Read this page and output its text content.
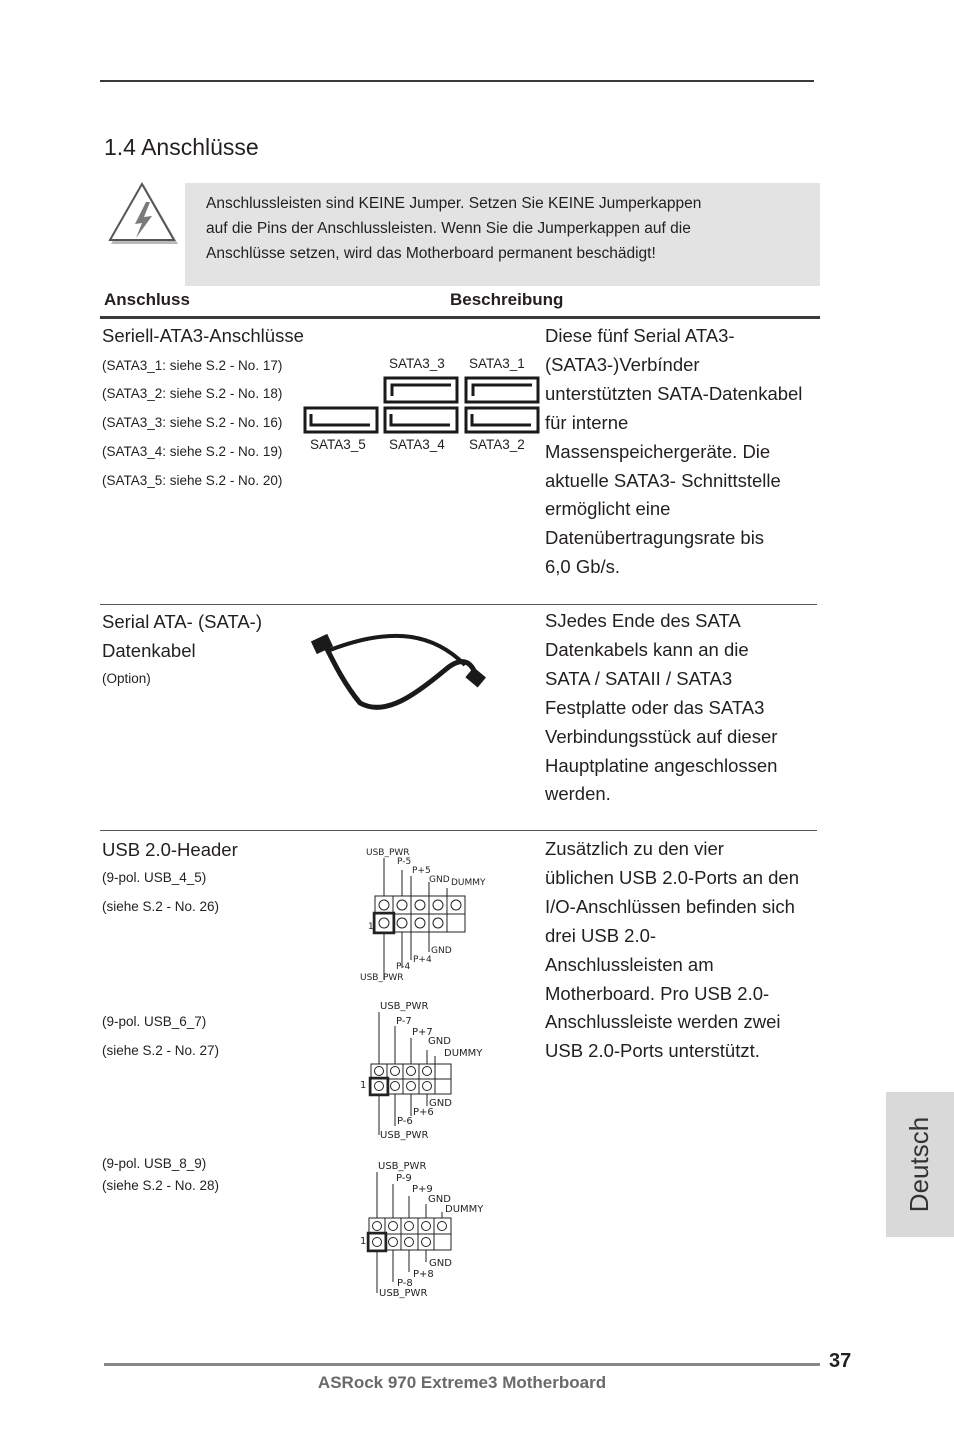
1.4 Anschlüsse
Anschlussleisten sind KEINE Jumper. Setzen Sie KEINE Jumperkappen
auf die Pins der Anschlussleisten. Wenn Sie die Jumperkappen auf die
Anschlüsse setzen, wird das Motherboard permanent beschädigt!
Anschluss	Beschreibung
Seriell-ATA3-Anschlüsse
(SATA3_1: siehe S.2 - No. 17)
(SATA3_2: siehe S.2 - No. 18)
(SATA3_3: siehe S.2 - No. 16)
(SATA3_4: siehe S.2 - No. 19)
(SATA3_5: siehe S.2 - No. 20)
SATA3_3 SATA3_1
SATA3_5 SATA3_4 SATA3_2
Diese fünf Serial ATA3-
(SATA3-)Verbínder
unterstützten SATA-Datenkabel
für interne
Massenspeichergeräte. Die
aktuelle SATA3- Schnittstelle
ermöglicht eine
Datenübertragungsrate bis
6,0 Gb/s.
Serial ATA- (SATA-)
Datenkabel
(Option)
SJedes Ende des SATA
Datenkabels kann an die
SATA / SATAII / SATA3
Festplatte oder das SATA3
Verbindungsstück auf dieser
Hauptplatine angeschlossen
werden.
USB 2.0-Header
(9-pol. USB_4_5)
(siehe S.2 - No. 26)
(9-pol. USB_6_7)
(siehe S.2 - No. 27)
(9-pol. USB_8_9)
(siehe S.2 - No. 28)
USB_PWR
P-5
P+5
GND DUMMY
1
GND
P+4
P-4
USB_PWR
USB_PWR
P-7
P+7
GND
DUMMY
1
GND
P+6
P-6
USB_PWR
USB_PWR
P-9
P+9
GND
DUMMY
1
GND
P+8
P-8
USB_PWR
Zusätzlich zu den vier
üblichen USB 2.0-Ports an den
I/O-Anschlüssen befinden sich
drei USB 2.0-
Anschlussleisten am
Motherboard. Pro USB 2.0-
Anschlussleiste werden zwei
USB 2.0-Ports unterstützt.
Deutsch
37
ASRock 970 Extreme3 Motherboard
